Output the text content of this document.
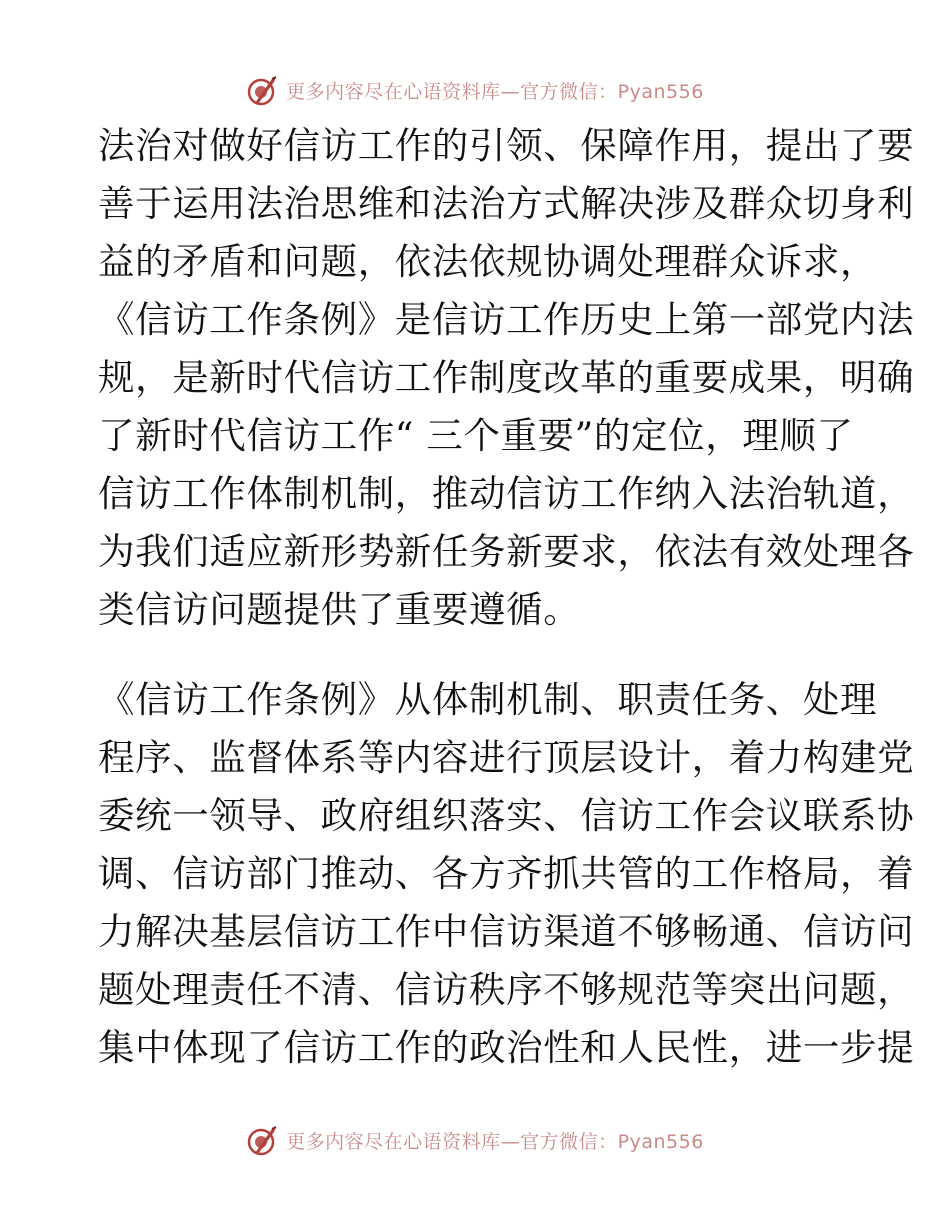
更多内容尽在心语资料库—官方微信：Pyan556
法治对做好信访工作的引领、保障作用，提出了要
善于运用法治思维和法治方式解决涉及群众切身利
益的矛盾和问题，依法依规协调处理群众诉求，
《信访工作条例》是信访工作历史上第一部党内法
规，是新时代信访工作制度改革的重要成果，明确
了新时代信访工作“ 三个重要”的定位，理顺了
信访工作体制机制，推动信访工作纳入法治轨道，
为我们适应新形势新任务新要求，依法有效处理各
类信访问题提供了重要遵循。
《信访工作条例》从体制机制、职责任务、处理
程序、监督体系等内容进行顶层设计，着力构建党
委统一领导、政府组织落实、信访工作会议联系协
调、信访部门推动、各方齐抓共管的工作格局，着
力解决基层信访工作中信访渠道不够畅通、信访问
题处理责任不清、信访秩序不够规范等突出问题，
集中体现了信访工作的政治性和人民性，进一步提
更多内容尽在心语资料库—官方微信：Pyan556
